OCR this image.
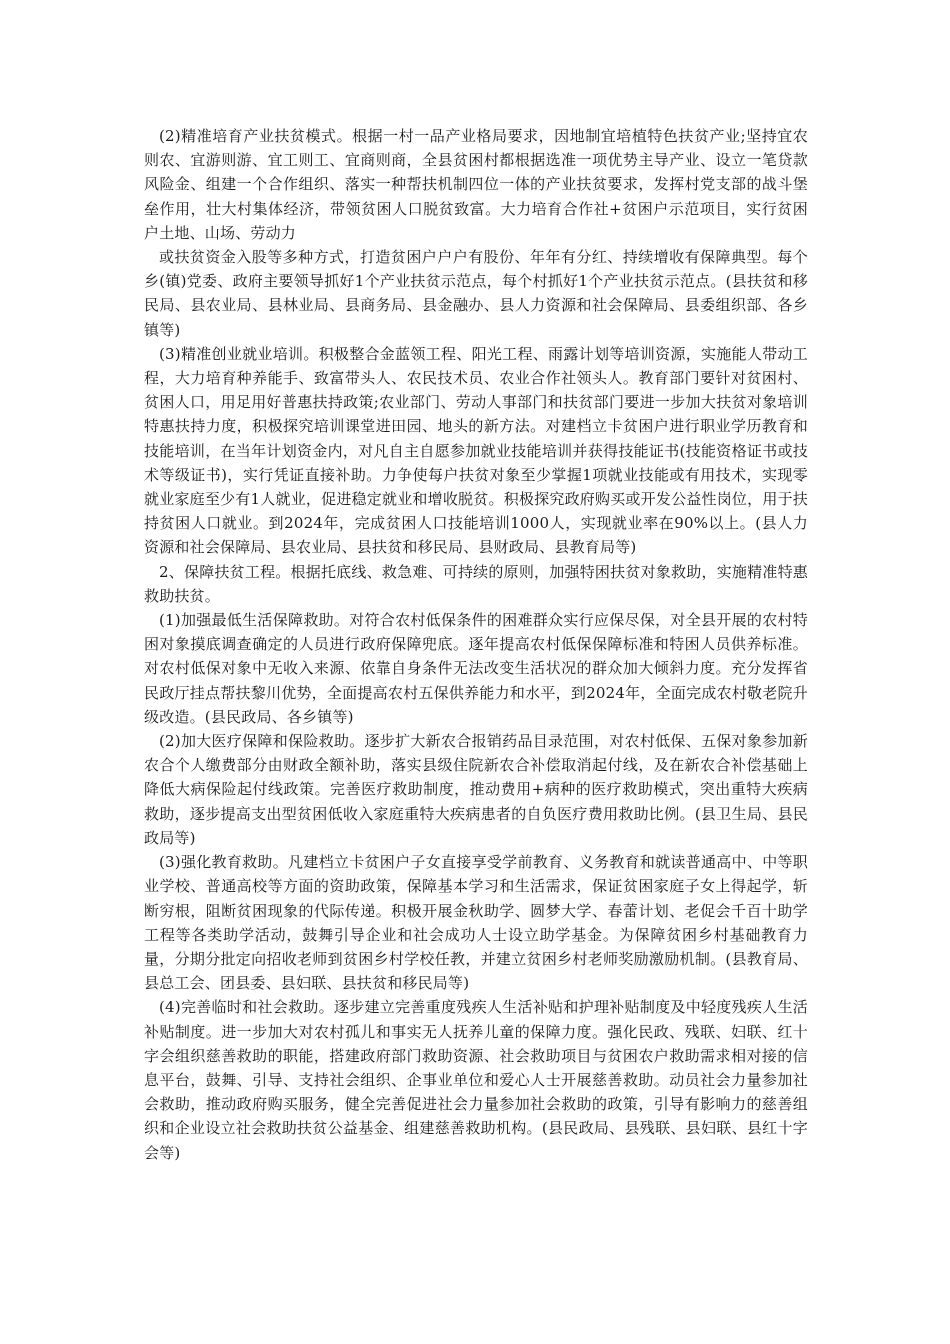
(2)精准培育产业扶贫模式。根据一村一品产业格局要求，因地制宜培植特色扶贫产业;坚持宜农则农、宜游则游、宜工则工、宜商则商，全县贫困村都根据选准一项优势主导产业、设立一笔贷款风险金、组建一个合作组织、落实一种帮扶机制四位一体的产业扶贫要求，发挥村党支部的战斗堡垒作用，壮大村集体经济，带领贫困人口脱贫致富。大力培育合作社+贫困户示范项目，实行贫困户土地、山场、劳动力

或扶贫资金入股等多种方式，打造贫困户户户有股份、年年有分红、持续增收有保障典型。每个乡(镇)党委、政府主要领导抓好1个产业扶贫示范点，每个村抓好1个产业扶贫示范点。(县扶贫和移民局、县农业局、县林业局、县商务局、县金融办、县人力资源和社会保障局、县委组织部、各乡镇等)

(3)精准创业就业培训。积极整合金蓝领工程、阳光工程、雨露计划等培训资源，实施能人带动工程，大力培育种养能手、致富带头人、农民技术员、农业合作社领头人。教育部门要针对贫困村、贫困人口，用足用好普惠扶持政策;农业部门、劳动人事部门和扶贫部门要进一步加大扶贫对象培训特惠扶持力度，积极探究培训课堂进田园、地头的新方法。对建档立卡贫困户进行职业学历教育和技能培训，在当年计划资金内，对凡自主自愿参加就业技能培训并获得技能证书(技能资格证书或技术等级证书)，实行凭证直接补助。力争使每户扶贫对象至少掌握1项就业技能或有用技术，实现零就业家庭至少有1人就业，促进稳定就业和增收脱贫。积极探究政府购买或开发公益性岗位，用于扶持贫困人口就业。到2024年，完成贫困人口技能培训1000人，实现就业率在90%以上。(县人力资源和社会保障局、县农业局、县扶贫和移民局、县财政局、县教育局等)

2、保障扶贫工程。根据托底线、救急难、可持续的原则，加强特困扶贫对象救助，实施精准特惠救助扶贫。

(1)加强最低生活保障救助。对符合农村低保条件的困难群众实行应保尽保，对全县开展的农村特困对象摸底调查确定的人员进行政府保障兜底。逐年提高农村低保保障标准和特困人员供养标准。对农村低保对象中无收入来源、依靠自身条件无法改变生活状况的群众加大倾斜力度。充分发挥省民政厅挂点帮扶黎川优势，全面提高农村五保供养能力和水平，到2024年，全面完成农村敬老院升级改造。(县民政局、各乡镇等)

(2)加大医疗保障和保险救助。逐步扩大新农合报销药品目录范围，对农村低保、五保对象参加新农合个人缴费部分由财政全额补助，落实县级住院新农合补偿取消起付线，及在新农合补偿基础上降低大病保险起付线政策。完善医疗救助制度，推动费用+病种的医疗救助模式，突出重特大疾病救助，逐步提高支出型贫困低收入家庭重特大疾病患者的自负医疗费用救助比例。(县卫生局、县民政局等)

(3)强化教育救助。凡建档立卡贫困户子女直接享受学前教育、义务教育和就读普通高中、中等职业学校、普通高校等方面的资助政策，保障基本学习和生活需求，保证贫困家庭子女上得起学，斩断穷根，阻断贫困现象的代际传递。积极开展金秋助学、圆梦大学、春蕾计划、老促会千百十助学工程等各类助学活动，鼓舞引导企业和社会成功人士设立助学基金。为保障贫困乡村基础教育力量，分期分批定向招收老师到贫困乡村学校任教，并建立贫困乡村老师奖励激励机制。(县教育局、县总工会、团县委、县妇联、县扶贫和移民局等)

(4)完善临时和社会救助。逐步建立完善重度残疾人生活补贴和护理补贴制度及中轻度残疾人生活补贴制度。进一步加大对农村孤儿和事实无人抚养儿童的保障力度。强化民政、残联、妇联、红十字会组织慈善救助的职能，搭建政府部门救助资源、社会救助项目与贫困农户救助需求相对接的信息平台，鼓舞、引导、支持社会组织、企事业单位和爱心人士开展慈善救助。动员社会力量参加社会救助，推动政府购买服务，健全完善促进社会力量参加社会救助的政策，引导有影响力的慈善组织和企业设立社会救助扶贫公益基金、组建慈善救助机构。(县民政局、县残联、县妇联、县红十字会等)
